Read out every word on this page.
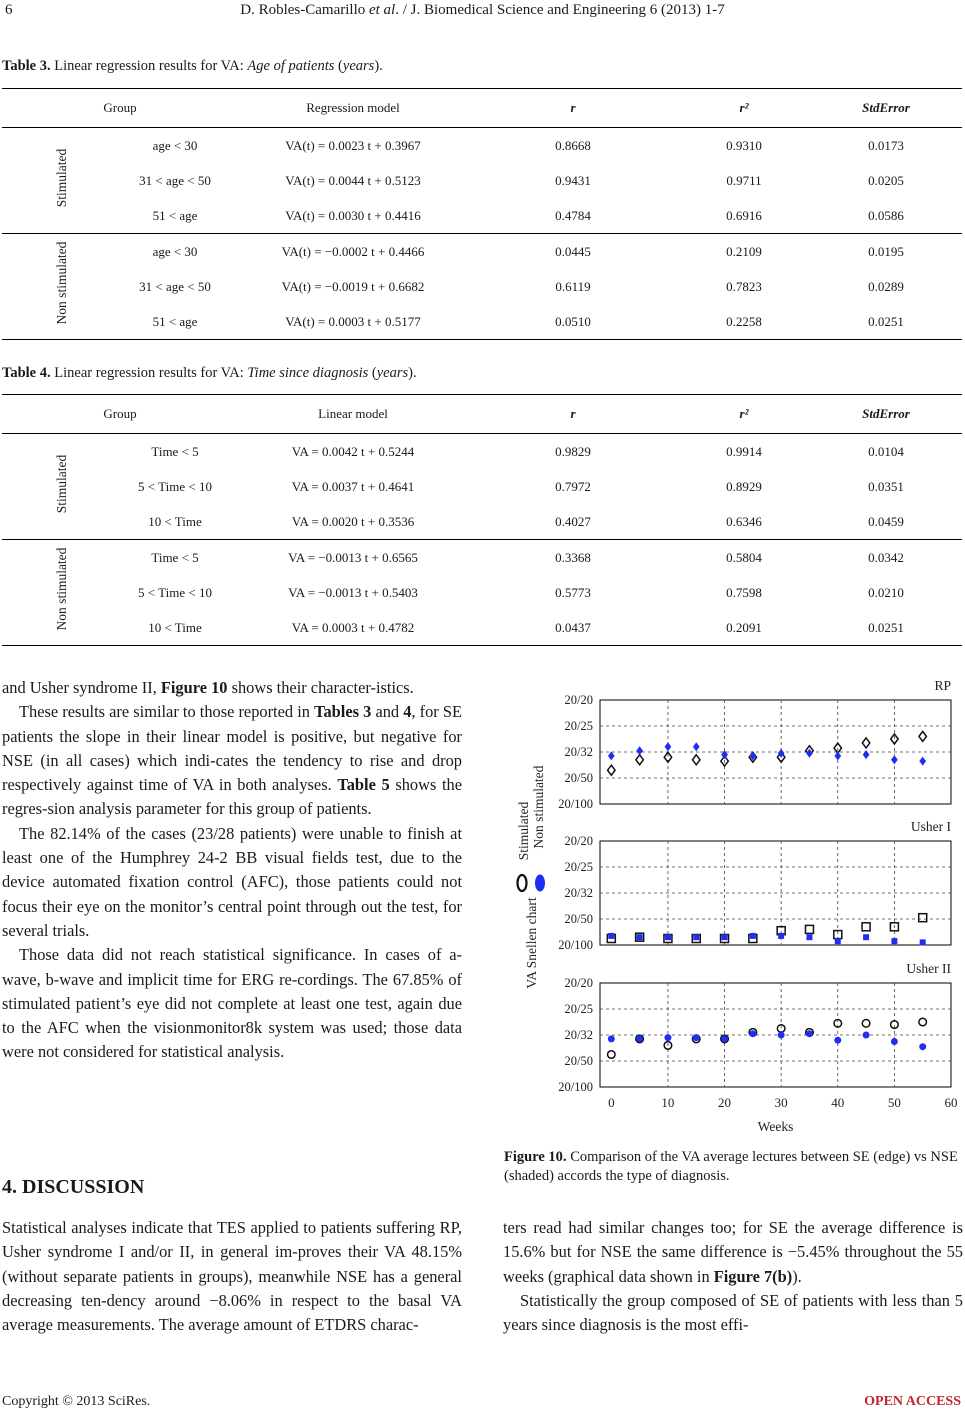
6	D. Robles-Camarillo et al. / J. Biomedical Science and Engineering 6 (2013) 1-7
Table 3. Linear regression results for VA: Age of patients (years).
Group	Regression model	r	r²	StdError
age < 30	VA(t) = 0.0023 t + 0.3967	0.8668	0.9310	0.0173
31 < age < 50	VA(t) = 0.0044 t + 0.5123	0.9431	0.9711	0.0205
51 < age	VA(t) = 0.0030 t + 0.4416	0.4784	0.6916	0.0586
age < 30	VA(t) = −0.0002 t + 0.4466	0.0445	0.2109	0.0195
31 < age < 50	VA(t) = −0.0019 t + 0.6682	0.6119	0.7823	0.0289
51 < age	VA(t) = 0.0003 t + 0.5177	0.0510	0.2258	0.0251
Table 4. Linear regression results for VA: Time since diagnosis (years).
Group	Linear model	r	r²	StdError
Time < 5	VA = 0.0042 t + 0.5244	0.9829	0.9914	0.0104
5 < Time < 10	VA = 0.0037 t + 0.4641	0.7972	0.8929	0.0351
10 < Time	VA = 0.0020 t + 0.3536	0.4027	0.6346	0.0459
Time < 5	VA = −0.0013 t + 0.6565	0.3368	0.5804	0.0342
5 < Time < 10	VA = −0.0013 t + 0.5403	0.5773	0.7598	0.0210
10 < Time	VA = 0.0003 t + 0.4782	0.0437	0.2091	0.0251

and Usher syndrome II, Figure 10 shows their character-istics.

These results are similar to those reported in Tables 3 and 4, for SE patients the slope in their linear model is positive, but negative for NSE (in all cases) which indi-cates the tendency to rise and drop respectively against time of VA in both analyses. Table 5 shows the regres-sion analysis parameter for this group of patients.

The 82.14% of the cases (23/28 patients) were unable to finish at least one of the Humphrey 24-2 BB visual fields test, due to the device automated fixation control (AFC), those patients could not focus their eye on the monitor’s central point through out the test, for several trials.

Those data did not reach statistical significance. In cases of a-wave, b-wave and implicit time for ERG re-cordings. The 67.85% of stimulated patient’s eye did not complete at least one test, again due to the AFC when the visionmonitor8k system was used; those data were not considered for statistical analysis.

4. DISCUSSION

Statistical analyses indicate that TES applied to patients suffering RP, Usher syndrome I and/or II, in general im-proves their VA 48.15% (without separate patients in groups), meanwhile NSE has a general decreasing ten-dency around −8.06% in respect to the basal VA average measurements. The average amount of ETDRS charac-

20/20
20/25
20/32
20/50
20/100
RP
20/20
20/25
20/32
20/50
20/100
Usher I
20/20
20/25
20/32
20/50
20/100
Usher II
0	10	20	30	40	50	60
Weeks
VA Snellen chart
Stimulated Non stimulated
Figure 10. Comparison of the VA average lectures between SE (edge) vs NSE (shaded) accords the type of diagnosis.

ters read had similar changes too; for SE the average difference is 15.6% but for NSE the same difference is −5.45% throughout the 55 weeks (graphical data shown in Figure 7(b)).

Statistically the group composed of SE of patients with less than 5 years since diagnosis is the most effi-

Copyright © 2013 SciRes.	OPEN ACCESS
Stimulated
Non stimulated
Stimulated
Non stimulated
